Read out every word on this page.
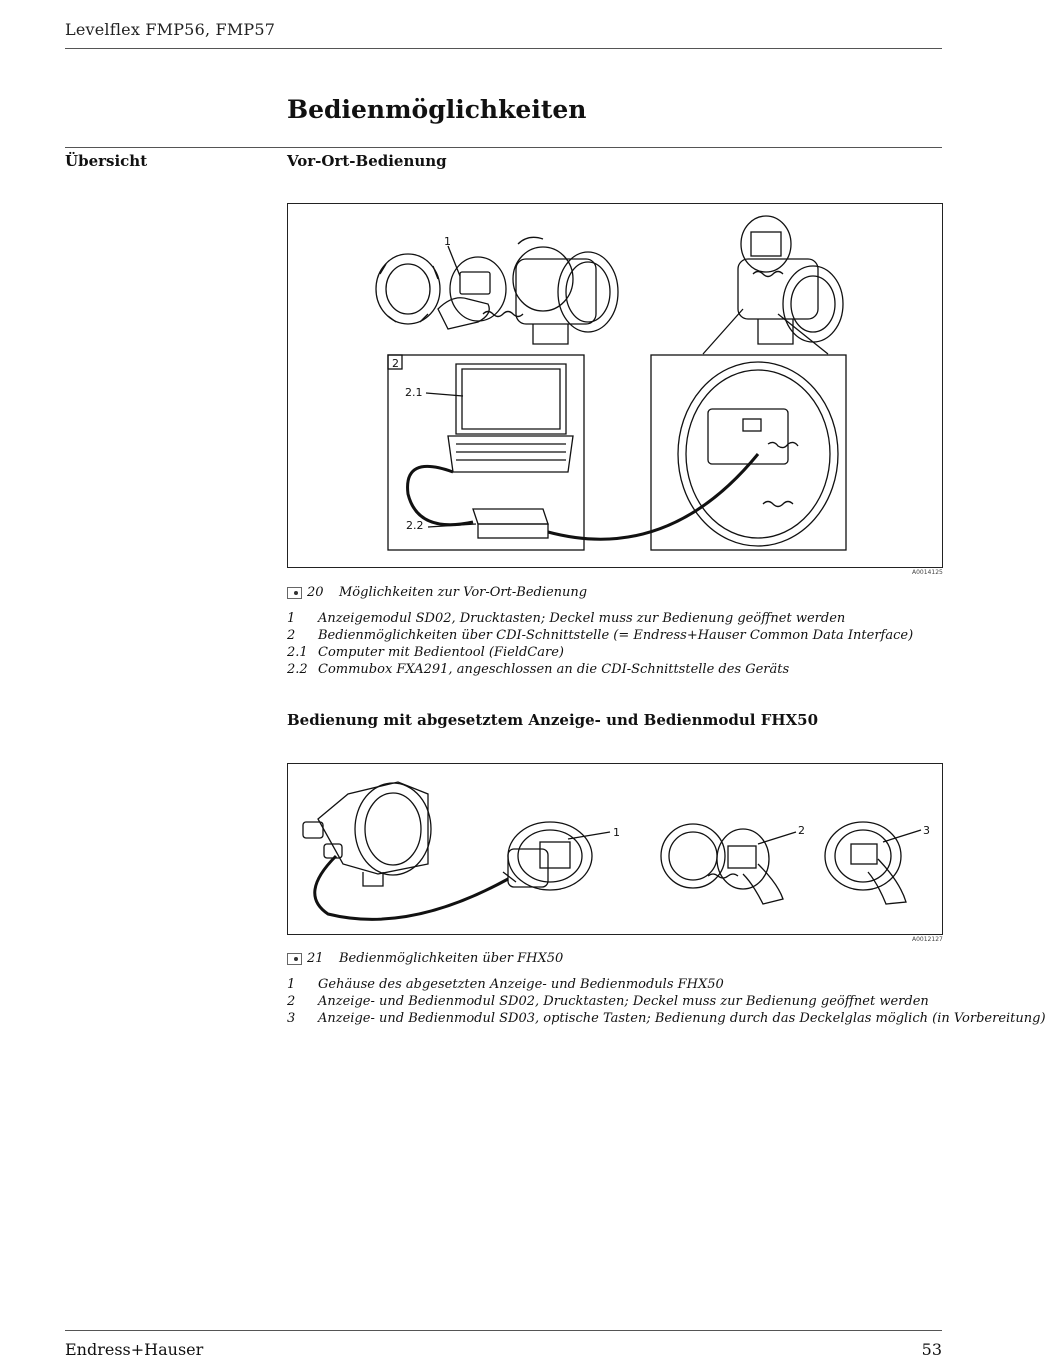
Levelflex FMP56, FMP57
Bedienmöglichkeiten
Übersicht	Vor-Ort-Bedienung
1
2
2.1
2.2
A0014125
20 Möglichkeiten zur Vor-Ort-Bedienung
1 Anzeigemodul SD02, Drucktasten; Deckel muss zur Bedienung geöffnet werden
2 Bedienmöglichkeiten über CDI-Schnittstelle (= Endress+Hauser Common Data Interface)
2.1 Computer mit Bedientool (FieldCare)
2.2 Commubox FXA291, angeschlossen an die CDI-Schnittstelle des Geräts
Bedienung mit abgesetztem Anzeige- und Bedienmodul FHX50
1	2	3
A0012127
21 Bedienmöglichkeiten über FHX50
1 Gehäuse des abgesetzten Anzeige- und Bedienmoduls FHX50
2 Anzeige- und Bedienmodul SD02, Drucktasten; Deckel muss zur Bedienung geöffnet werden
3 Anzeige- und Bedienmodul SD03, optische Tasten; Bedienung durch das Deckelglas möglich (in Vorbereitung)
Endress+Hauser	53
